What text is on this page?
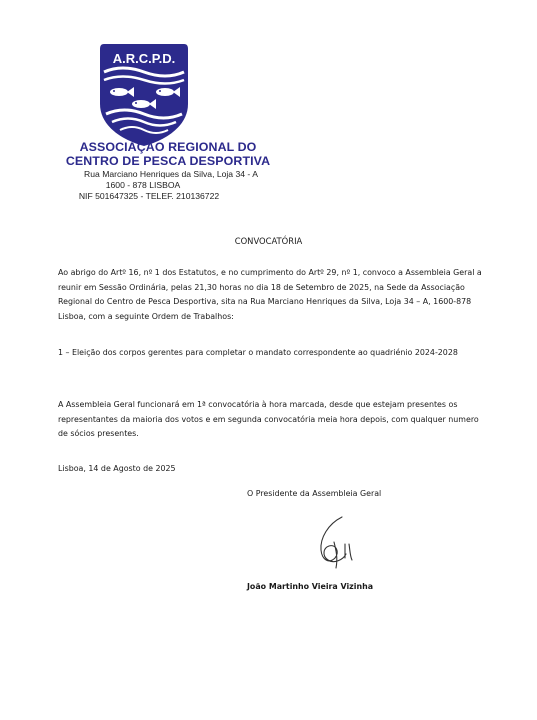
A.R.C.P.D.
ASSOCIAÇÃO REGIONAL DO
CENTRO DE PESCA DESPORTIVA
Rua Marciano Henriques da Silva, Loja 34 - A
1600 - 878 LISBOA
NIF 501647325 - TELEF. 210136722
CONVOCATÓRIA

Ao abrigo do Artº 16, nº 1 dos Estatutos, e no cumprimento do Artº 29, nº 1, convoco a Assembleia Geral a reunir em Sessão Ordinária, pelas 21,30 horas no dia 18 de Setembro de 2025, na Sede da Associação Regional do Centro de Pesca Desportiva, sita na Rua Marciano Henriques da Silva, Loja 34 – A, 1600-878 Lisboa, com a seguinte Ordem de Trabalhos:

1 – Eleição dos corpos gerentes para completar o mandato correspondente ao quadriénio 2024-2028

A Assembleia Geral funcionará em 1ª convocatória à hora marcada, desde que estejam presentes os representantes da maioria dos votos e em segunda convocatória meia hora depois, com qualquer numero de sócios presentes.

Lisboa, 14 de Agosto de 2025

O Presidente da Assembleia Geral
João Martinho Vieira Vizinha
